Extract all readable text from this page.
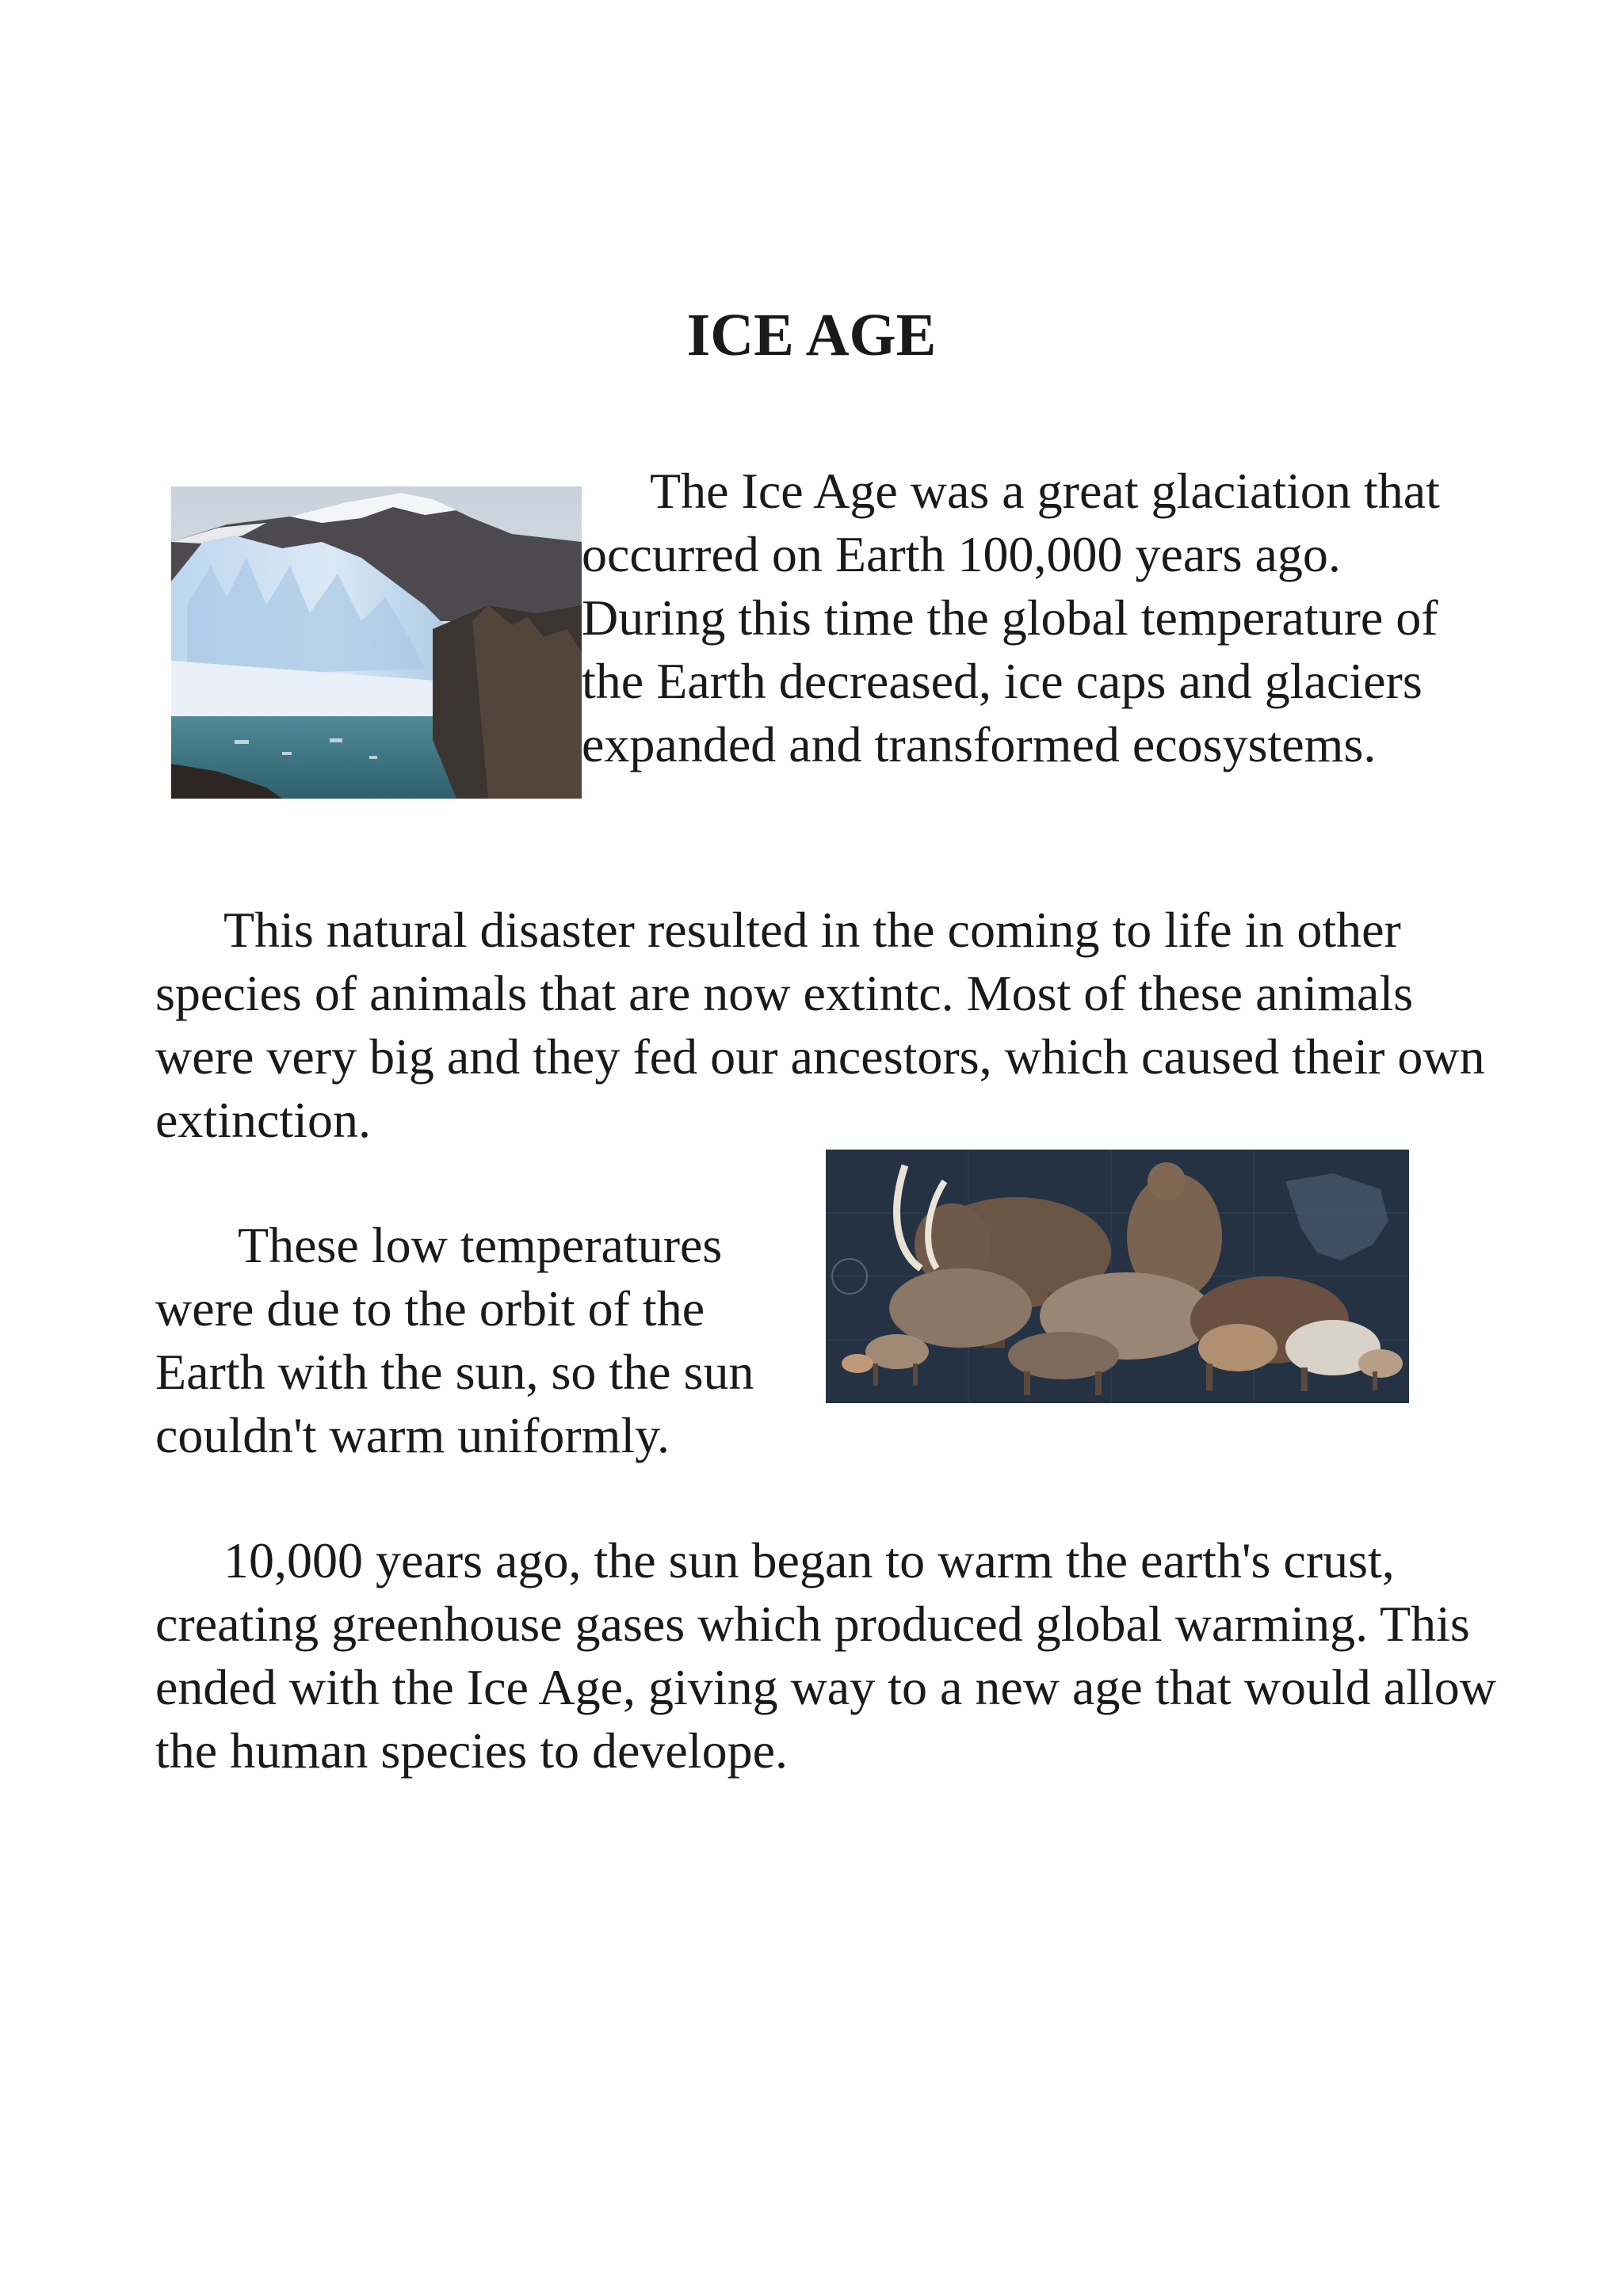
ICE AGE

The Ice Age was a great glaciation that occurred on Earth 100,000 years ago. During this time the global temperature of the Earth decreased, ice caps and glaciers expanded and transformed ecosystems.

This natural disaster resulted in the coming to life in other species of animals that are now extintc. Most of these animals were very big and they fed our ancestors, which caused their own extinction.

These low temperatures were due to the orbit of the Earth with the sun, so the sun couldn't warm uniformly.

10,000 years ago, the sun began to warm the earth's crust, creating greenhouse gases which produced global warming. This ended with the Ice Age, giving way to a new age that would allow the human species to develope.
